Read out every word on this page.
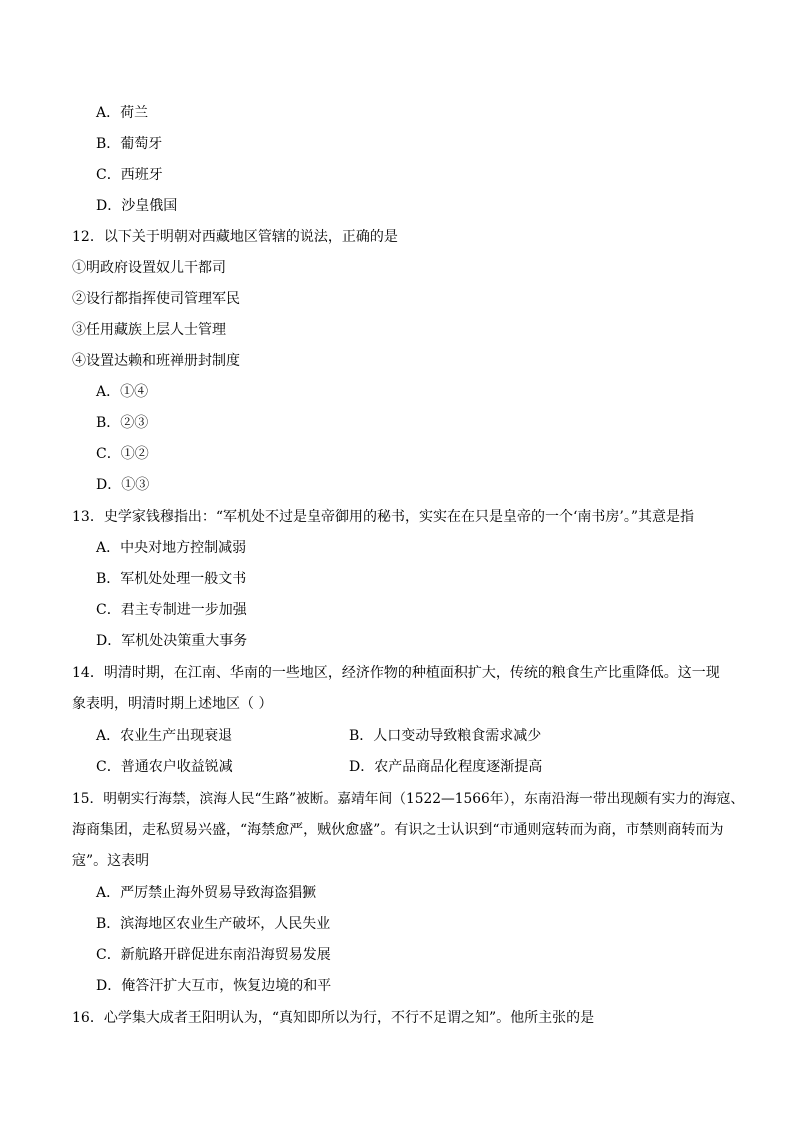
A．荷兰
B．葡萄牙
C．西班牙
D．沙皇俄国
12．以下关于明朝对西藏地区管辖的说法，正确的是
①明政府设置奴儿干都司
②设行都指挥使司管理军民
③任用藏族上层人士管理
④设置达赖和班禅册封制度
A．①④
B．②③
C．①②
D．①③
13．史学家钱穆指出：“军机处不过是皇帝御用的秘书，实实在在只是皇帝的一个‘南书房’。”其意是指
A．中央对地方控制减弱
B．军机处处理一般文书
C．君主专制进一步加强
D．军机处决策重大事务
14．明清时期，在江南、华南的一些地区，经济作物的种植面积扩大，传统的粮食生产比重降低。这一现
象表明，明清时期上述地区（ ）
A．农业生产出现衰退	B．人口变动导致粮食需求减少
C．普通农户收益锐减	D．农产品商品化程度逐渐提高
15．明朝实行海禁，滨海人民“生路”被断。嘉靖年间（1522—1566年），东南沿海一带出现颇有实力的海寇、
海商集团，走私贸易兴盛，“海禁愈严，贼伙愈盛”。有识之士认识到“市通则寇转而为商，市禁则商转而为
寇”。这表明
A．严厉禁止海外贸易导致海盗猖獗
B．滨海地区农业生产破坏，人民失业
C．新航路开辟促进东南沿海贸易发展
D．俺答汗扩大互市，恢复边境的和平
16．心学集大成者王阳明认为，“真知即所以为行，不行不足谓之知”。他所主张的是
